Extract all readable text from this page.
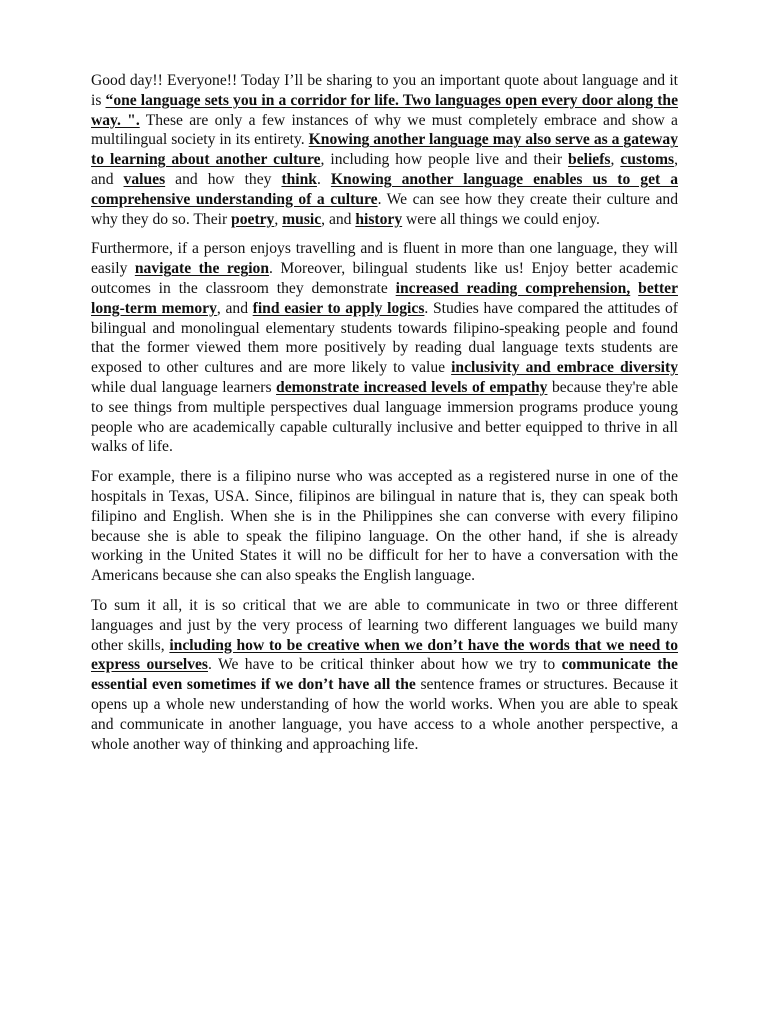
Good day!! Everyone!! Today I’ll be sharing to you an important quote about language and it is “one language sets you in a corridor for life. Two languages open every door along the way. ". These are only a few instances of why we must completely embrace and show a multilingual society in its entirety. Knowing another language may also serve as a gateway to learning about another culture, including how people live and their beliefs, customs, and values and how they think. Knowing another language enables us to get a comprehensive understanding of a culture. We can see how they create their culture and why they do so. Their poetry, music, and history were all things we could enjoy.

Furthermore, if a person enjoys travelling and is fluent in more than one language, they will easily navigate the region. Moreover, bilingual students like us! Enjoy better academic outcomes in the classroom they demonstrate increased reading comprehension, better long-term memory, and find easier to apply logics. Studies have compared the attitudes of bilingual and monolingual elementary students towards filipino-speaking people and found that the former viewed them more positively by reading dual language texts students are exposed to other cultures and are more likely to value inclusivity and embrace diversity while dual language learners demonstrate increased levels of empathy because they're able to see things from multiple perspectives dual language immersion programs produce young people who are academically capable culturally inclusive and better equipped to thrive in all walks of life.

For example, there is a filipino nurse who was accepted as a registered nurse in one of the hospitals in Texas, USA. Since, filipinos are bilingual in nature that is, they can speak both filipino and English. When she is in the Philippines she can converse with every filipino because she is able to speak the filipino language. On the other hand, if she is already working in the United States it will no be difficult for her to have a conversation with the Americans because she can also speaks the English language.

To sum it all, it is so critical that we are able to communicate in two or three different languages and just by the very process of learning two different languages we build many other skills, including how to be creative when we don’t have the words that we need to express ourselves. We have to be critical thinker about how we try to communicate the essential even sometimes if we don’t have all the sentence frames or structures. Because it opens up a whole new understanding of how the world works. When you are able to speak and communicate in another language, you have access to a whole another perspective, a whole another way of thinking and approaching life.
